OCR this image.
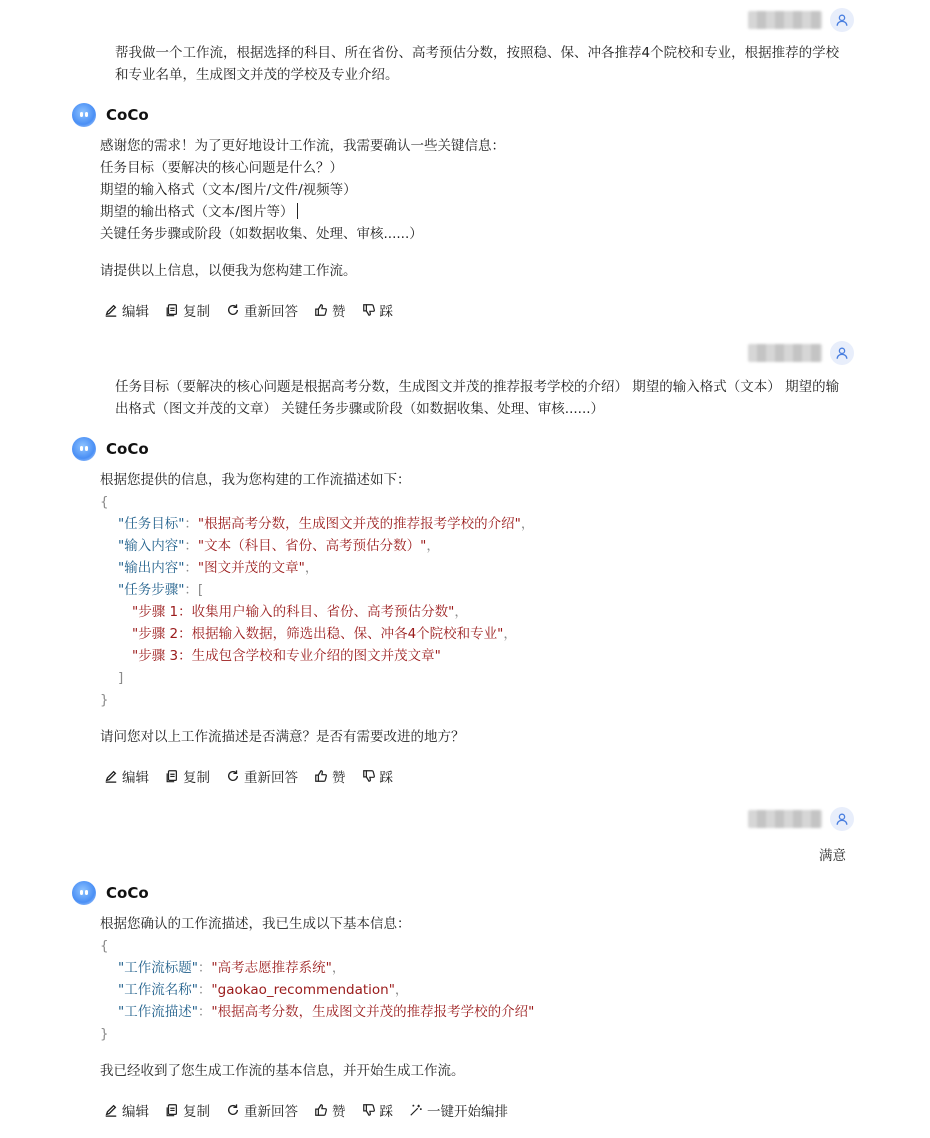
帮我做一个工作流，根据选择的科目、所在省份、高考预估分数，按照稳、保、冲各推荐4个院校和专业，根据推荐的学校和专业名单，生成图文并茂的学校及专业介绍。
CoCo
感谢您的需求！为了更好地设计工作流，我需要确认一些关键信息：
任务目标（要解决的核心问题是什么？）
期望的输入格式（文本/图片/文件/视频等）
期望的输出格式（文本/图片等）
关键任务步骤或阶段（如数据收集、处理、审核......）
请提供以上信息，以便我为您构建工作流。
编辑	复制	重新回答	赞	踩
任务目标（要解决的核心问题是根据高考分数，生成图文并茂的推荐报考学校的介绍） 期望的输入格式（文本） 期望的输出格式（图文并茂的文章） 关键任务步骤或阶段（如数据收集、处理、审核......）
CoCo
根据您提供的信息，我为您构建的工作流描述如下：
{
"任务目标"："根据高考分数，生成图文并茂的推荐报考学校的介绍"，
"输入内容"："文本（科目、省份、高考预估分数）"，
"输出内容"："图文并茂的文章"，
"任务步骤"：[
"步骤 1：收集用户输入的科目、省份、高考预估分数"，
"步骤 2：根据输入数据，筛选出稳、保、冲各4个院校和专业"，
"步骤 3：生成包含学校和专业介绍的图文并茂文章"
]
}
请问您对以上工作流描述是否满意？是否有需要改进的地方？
编辑	复制	重新回答	赞	踩
满意
CoCo
根据您确认的工作流描述，我已生成以下基本信息：
{
"工作流标题"："高考志愿推荐系统"，
"工作流名称"："gaokao_recommendation"，
"工作流描述"："根据高考分数，生成图文并茂的推荐报考学校的介绍"
}
我已经收到了您生成工作流的基本信息，并开始生成工作流。
编辑	复制	重新回答	赞	踩	一键开始编排
